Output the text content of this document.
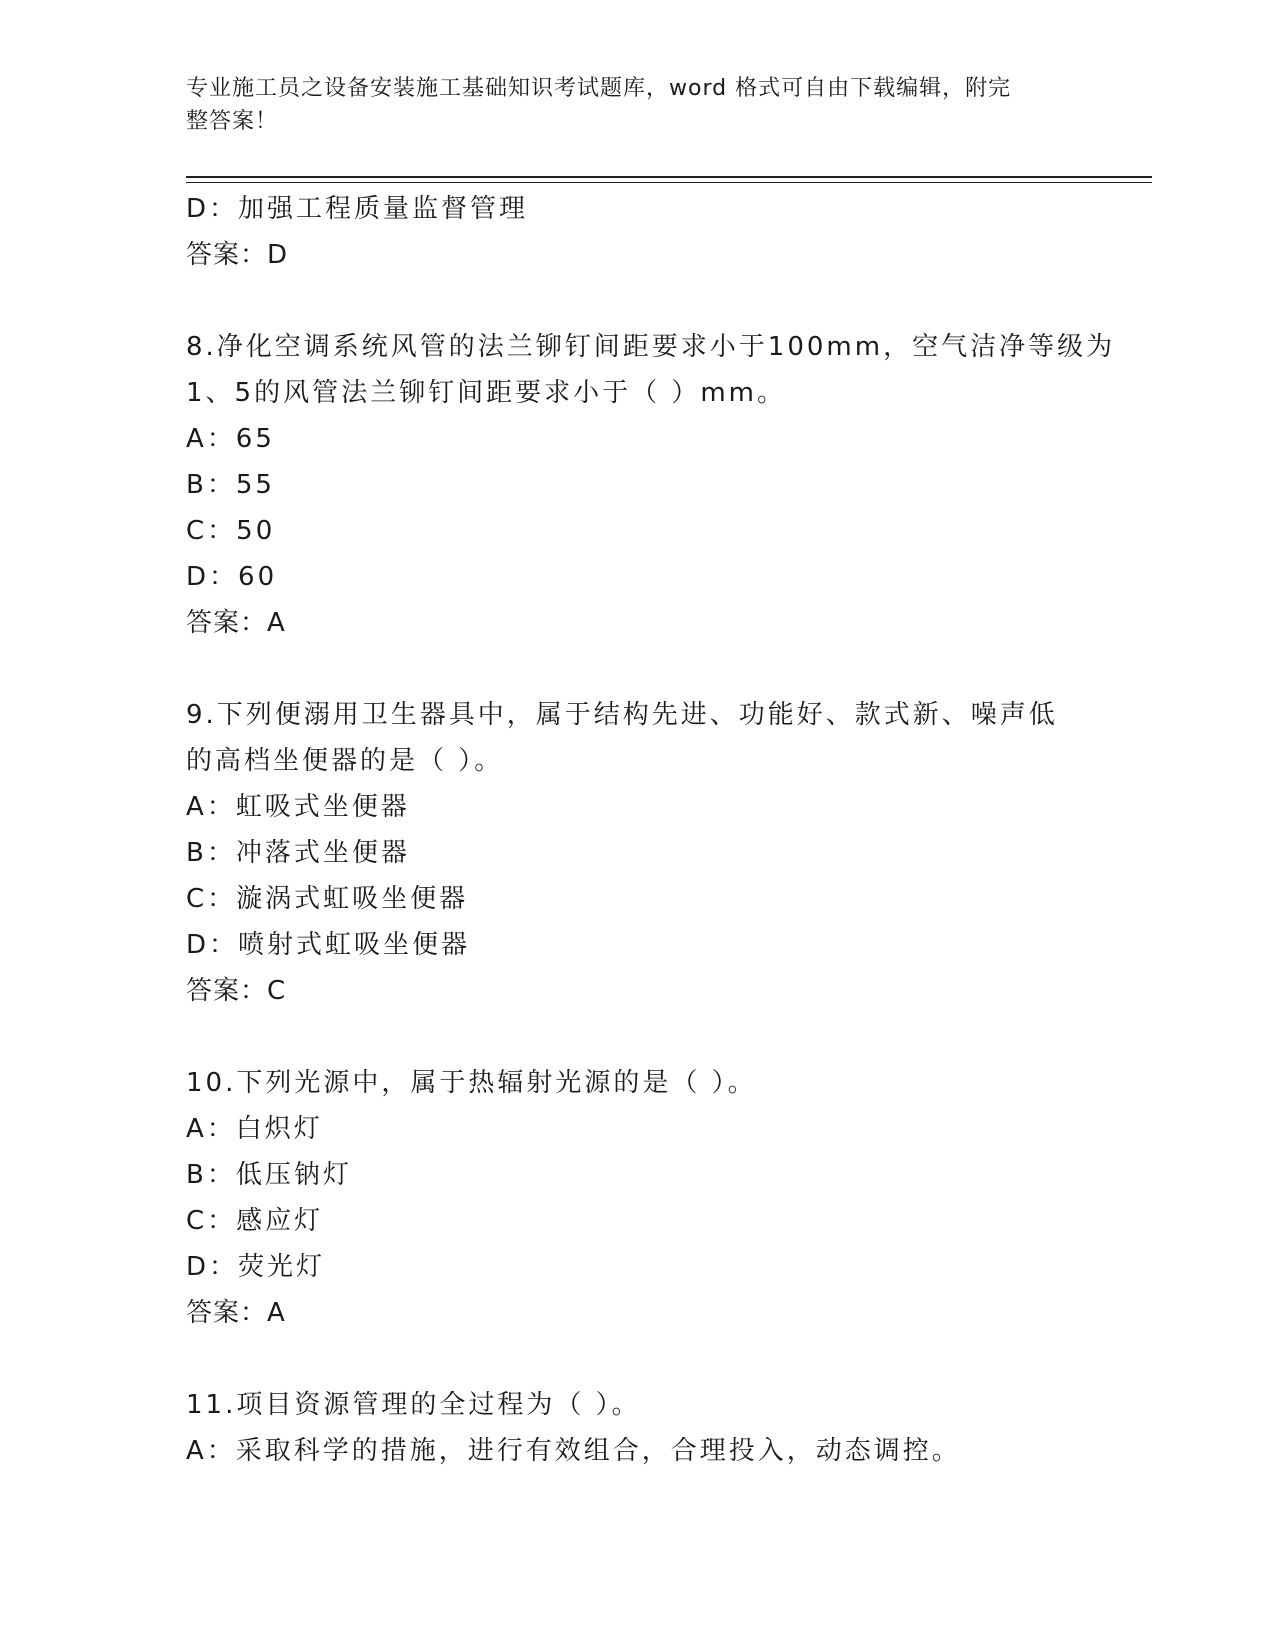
专业施工员之设备安装施工基础知识考试题库，word 格式可自由下载编辑，附完
整答案！
D：加强工程质量监督管理
答案：D
8.净化空调系统风管的法兰铆钉间距要求小于100mm，空气洁净等级为
1、5的风管法兰铆钉间距要求小于（ ）mm。
A：65
B：55
C：50
D：60
答案：A
9.下列便溺用卫生器具中，属于结构先进、功能好、款式新、噪声低
的高档坐便器的是（ ）。
A：虹吸式坐便器
B：冲落式坐便器
C：漩涡式虹吸坐便器
D：喷射式虹吸坐便器
答案：C
10.下列光源中，属于热辐射光源的是（ ）。
A：白炽灯
B：低压钠灯
C：感应灯
D：荧光灯
答案：A
11.项目资源管理的全过程为（ ）。
A：采取科学的措施，进行有效组合，合理投入，动态调控。
